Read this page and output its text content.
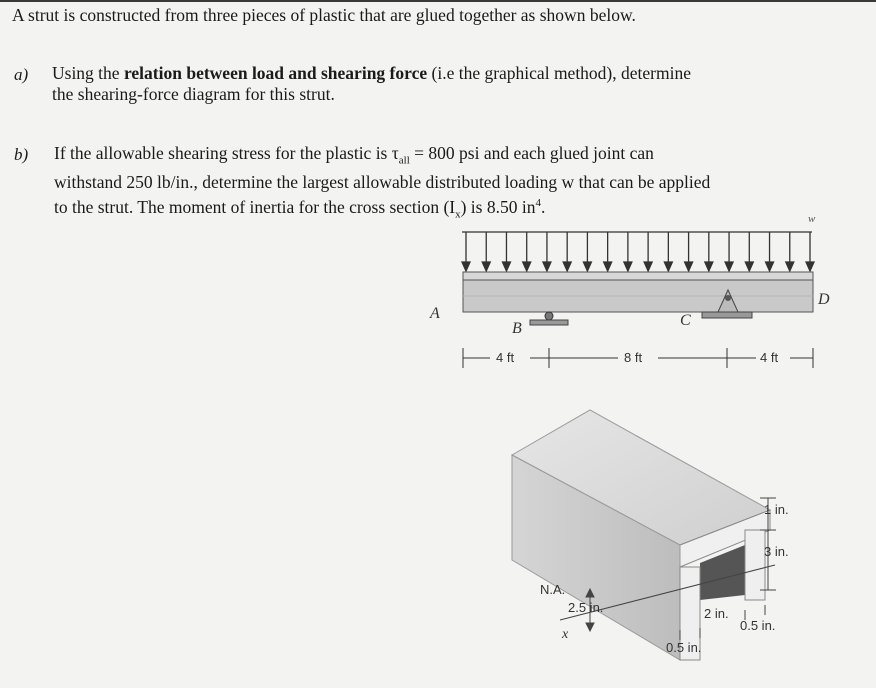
A strut is constructed from three pieces of plastic that are glued together as shown below.
a) Using the relation between load and shearing force (i.e the graphical method), determine
the shearing-force diagram for this strut.
b) If the allowable shearing stress for the plastic is $\tau_{all} = 800$ psi and each glued joint can
withstand 250 lb/in., determine the largest allowable distributed loading w that can be applied
to the strut. The moment of inertia for the cross section $(I_x)$ is 8.50 $in^4$.
w
A
B	C
D
4 ft	8 ft	4 ft
N.A.
2.5 in.
x
1 in.
3 in.
2 in.
0.5 in.
0.5 in.
